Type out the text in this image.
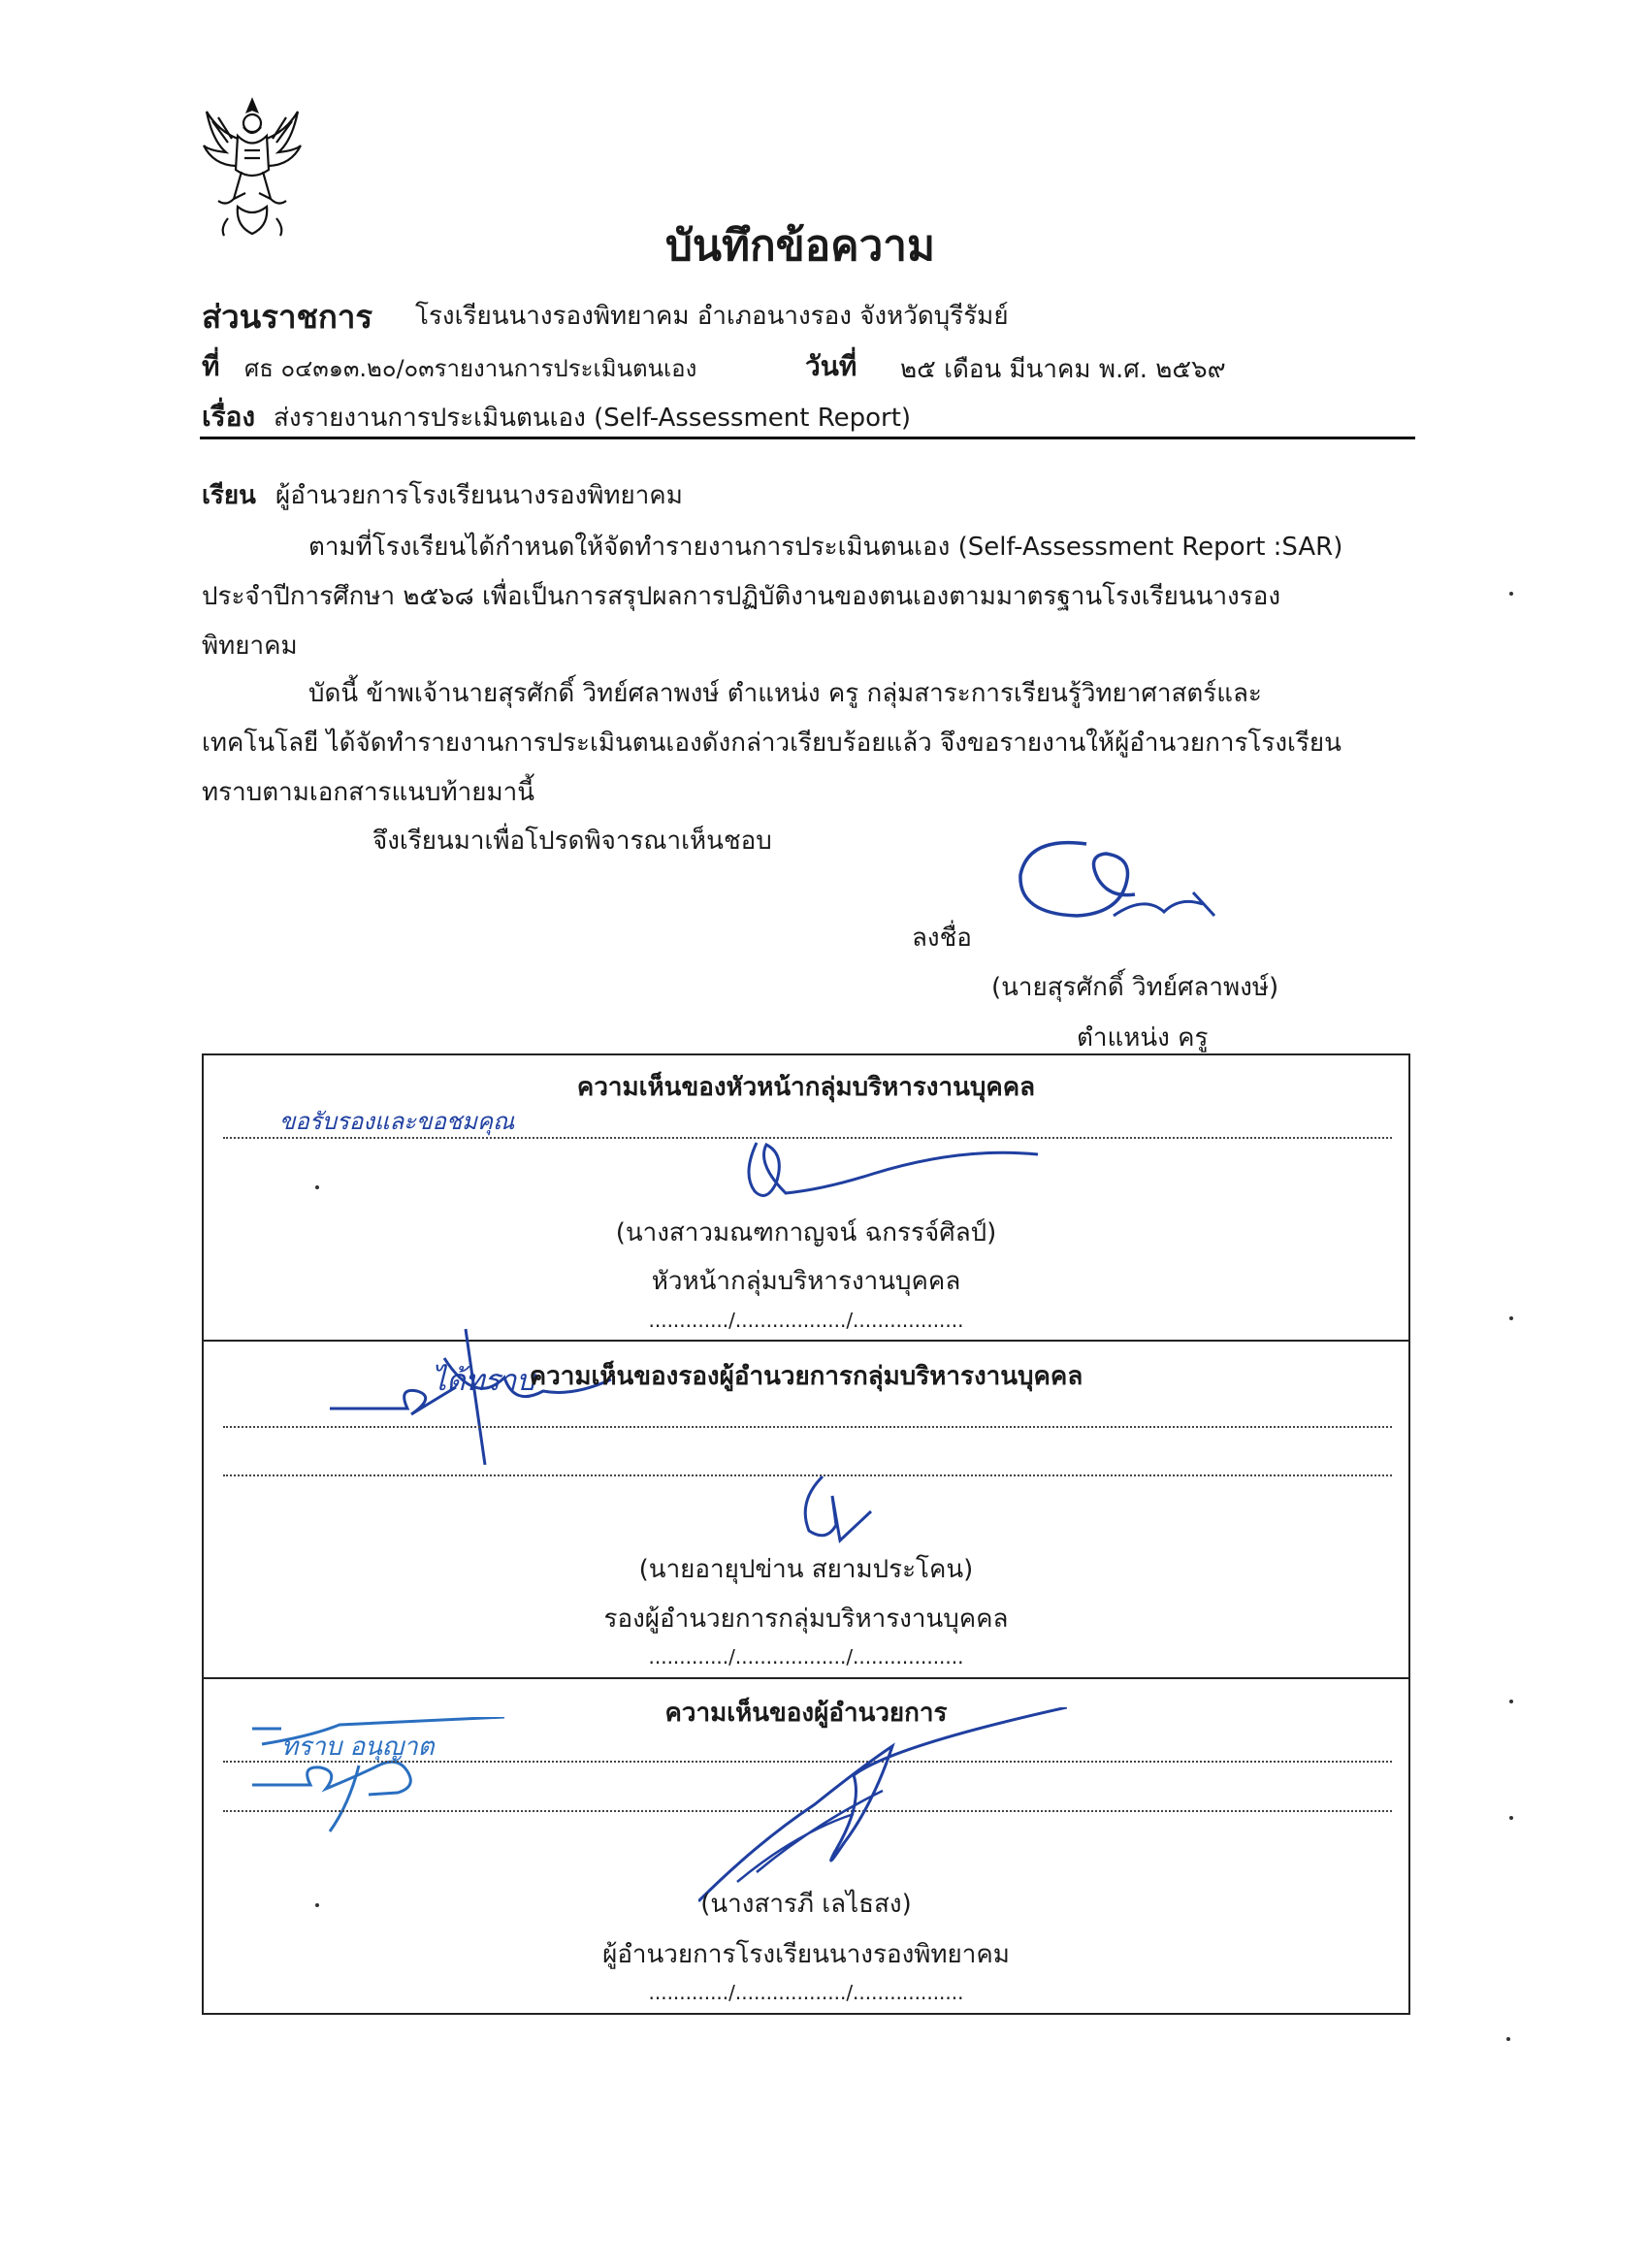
บันทึกข้อความ
ส่วนราชการ โรงเรียนนางรองพิทยาคม อำเภอนางรอง จังหวัดบุรีรัมย์
ที่ ศธ ๐๔๓๑๓.๒๐/๐๓รายงานการประเมินตนเอง	วันที่ ๒๕ เดือน มีนาคม พ.ศ. ๒๕๖๙
เรื่อง ส่งรายงานการประเมินตนเอง (Self-Assessment Report)
เรียน ผู้อำนวยการโรงเรียนนางรองพิทยาคม
ตามที่โรงเรียนได้กำหนดให้จัดทำรายงานการประเมินตนเอง (Self-Assessment Report :SAR)
ประจำปีการศึกษา ๒๕๖๘ เพื่อเป็นการสรุปผลการปฏิบัติงานของตนเองตามมาตรฐานโรงเรียนนางรอง
พิทยาคม
บัดนี้ ข้าพเจ้านายสุรศักดิ์ วิทย์ศลาพงษ์ ตำแหน่ง ครู กลุ่มสาระการเรียนรู้วิทยาศาสตร์และ
เทคโนโลยี ได้จัดทำรายงานการประเมินตนเองดังกล่าวเรียบร้อยแล้ว จึงขอรายงานให้ผู้อำนวยการโรงเรียน
ทราบตามเอกสารแนบท้ายมานี้
จึงเรียนมาเพื่อโปรดพิจารณาเห็นชอบ
ลงชื่อ
(นายสุรศักดิ์ วิทย์ศลาพงษ์)
ตำแหน่ง ครู
ความเห็นของหัวหน้ากลุ่มบริหารงานบุคคล
ขอรับรองและขอชมคุณ
(นางสาวมณฑกาญจน์ ฉกรรจ์ศิลป์)
หัวหน้ากลุ่มบริหารงานบุคคล
............./................../..................
ได้ทราบ
ความเห็นของรองผู้อำนวยการกลุ่มบริหารงานบุคคล
(นายอายุปข่าน สยามประโคน)
รองผู้อำนวยการกลุ่มบริหารงานบุคคล
............./................../..................
ความเห็นของผู้อำนวยการ
ทราบ อนุญาต
(นางสารภี เลไธสง)
ผู้อำนวยการโรงเรียนนางรองพิทยาคม
............./................../..................
